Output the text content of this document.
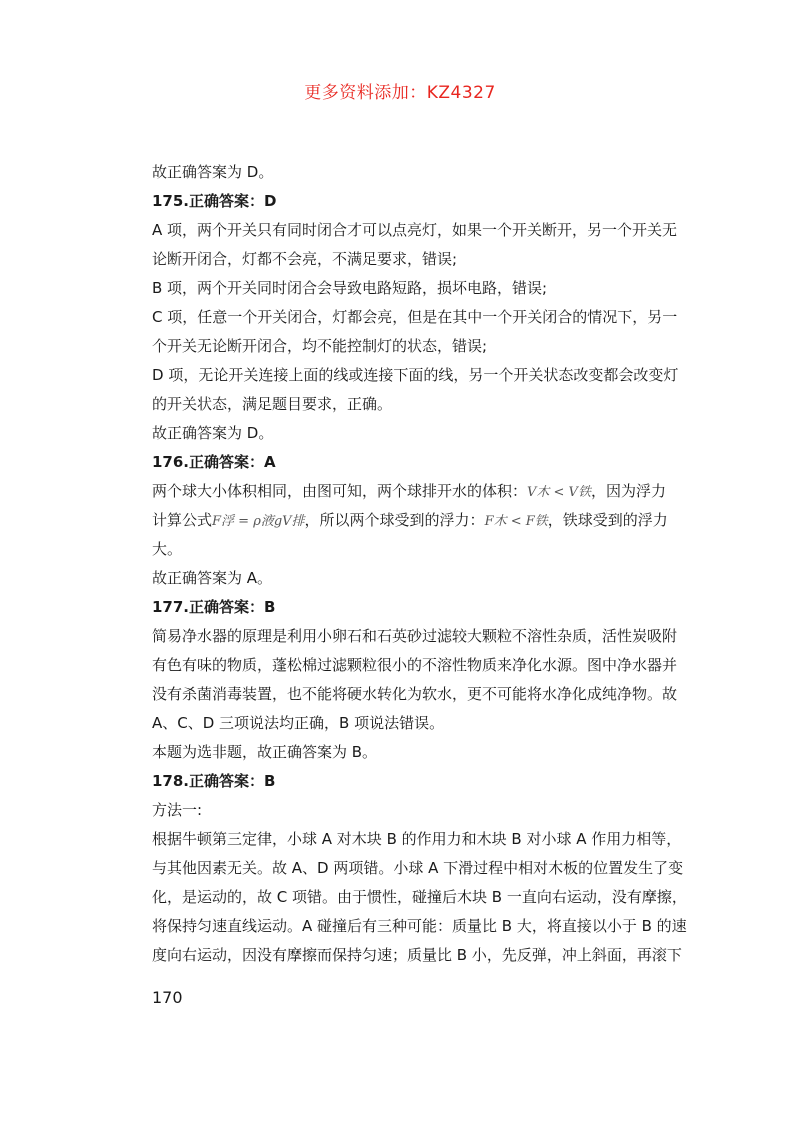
更多资料添加：KZ4327
故正确答案为 D。
175.正确答案：D
A 项，两个开关只有同时闭合才可以点亮灯，如果一个开关断开，另一个开关无
论断开闭合，灯都不会亮，不满足要求，错误;
B 项，两个开关同时闭合会导致电路短路，损坏电路，错误;
C 项，任意一个开关闭合，灯都会亮，但是在其中一个开关闭合的情况下，另一
个开关无论断开闭合，均不能控制灯的状态，错误;
D 项，无论开关连接上面的线或连接下面的线，另一个开关状态改变都会改变灯
的开关状态，满足题目要求，正确。
故正确答案为 D。
176.正确答案：A
两个球大小体积相同，由图可知，两个球排开水的体积：V木 < V铁，因为浮力
计算公式F浮 = ρ液gV排，所以两个球受到的浮力：F木 < F铁，铁球受到的浮力
大。
故正确答案为 A。
177.正确答案：B
简易净水器的原理是利用小卵石和石英砂过滤较大颗粒不溶性杂质，活性炭吸附
有色有味的物质，蓬松棉过滤颗粒很小的不溶性物质来净化水源。图中净水器并
没有杀菌消毒装置，也不能将硬水转化为软水，更不可能将水净化成纯净物。故
A、C、D 三项说法均正确，B 项说法错误。
本题为选非题，故正确答案为 B。
178.正确答案：B
方法一:
根据牛顿第三定律，小球 A 对木块 B 的作用力和木块 B 对小球 A 作用力相等，
与其他因素无关。故 A、D 两项错。小球 A 下滑过程中相对木板的位置发生了变
化，是运动的，故 C 项错。由于惯性，碰撞后木块 B 一直向右运动，没有摩擦，
将保持匀速直线运动。A 碰撞后有三种可能：质量比 B 大，将直接以小于 B 的速
度向右运动，因没有摩擦而保持匀速；质量比 B 小，先反弹，冲上斜面，再滚下
170
